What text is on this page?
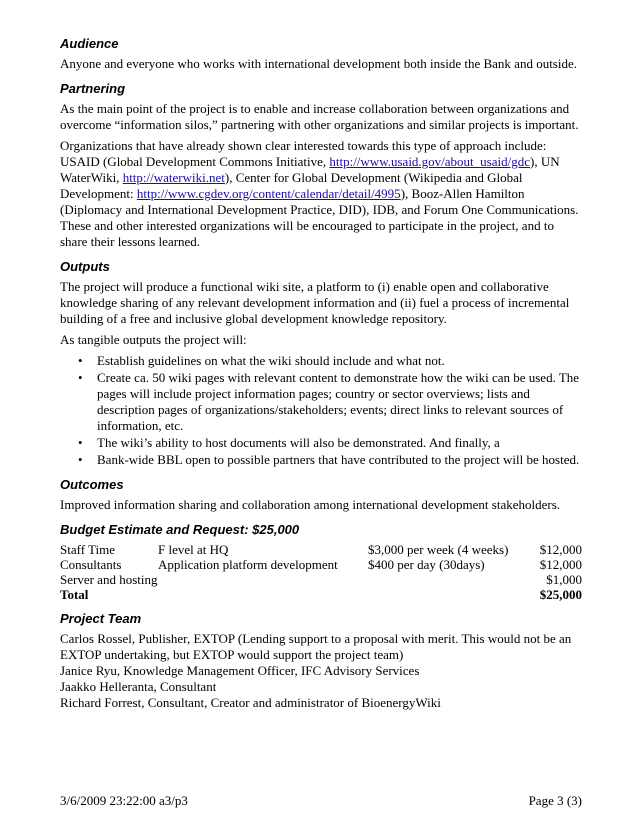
Audience

Anyone and everyone who works with international development both inside the Bank and outside.

Partnering

As the main point of the project is to enable and increase collaboration between organizations and overcome “information silos,” partnering with other organizations and similar projects is important.

Organizations that have already shown clear interested towards this type of approach include: USAID (Global Development Commons Initiative, http://www.usaid.gov/about_usaid/gdc), UN WaterWiki, http://waterwiki.net), Center for Global Development (Wikipedia and Global Development: http://www.cgdev.org/content/calendar/detail/4995), Booz-Allen Hamilton (Diplomacy and International Development Practice, DID), IDB, and Forum One Communications. These and other interested organizations will be encouraged to participate in the project, and to share their lessons learned.

Outputs

The project will produce a functional wiki site, a platform to (i) enable open and collaborative knowledge sharing of any relevant development information and (ii) fuel a process of incremental building of a free and inclusive global development knowledge repository.

As tangible outputs the project will:

• Establish guidelines on what the wiki should include and what not.
• Create ca. 50 wiki pages with relevant content to demonstrate how the wiki can be used. The pages will include project information pages; country or sector overviews; lists and description pages of organizations/stakeholders; events; direct links to relevant sources of information, etc.
• The wiki’s ability to host documents will also be demonstrated. And finally, a
• Bank-wide BBL open to possible partners that have contributed to the project will be hosted.
Outcomes

Improved information sharing and collaboration among international development stakeholders.

Budget Estimate and Request: $25,000
Staff Time	F level at HQ	$3,000 per week (4 weeks)	$12,000
Consultants	Application platform development	$400 per day (30days)	$12,000
Server and hosting			$1,000
Total			$25,000
Project Team

Carlos Rossel, Publisher, EXTOP (Lending support to a proposal with merit. This would not be an EXTOP undertaking, but EXTOP would support the project team)

Janice Ryu, Knowledge Management Officer, IFC Advisory Services

Jaakko Helleranta, Consultant

Richard Forrest, Consultant, Creator and administrator of BioenergyWiki

3/6/2009 23:22:00 a3/p3	Page 3 (3)
